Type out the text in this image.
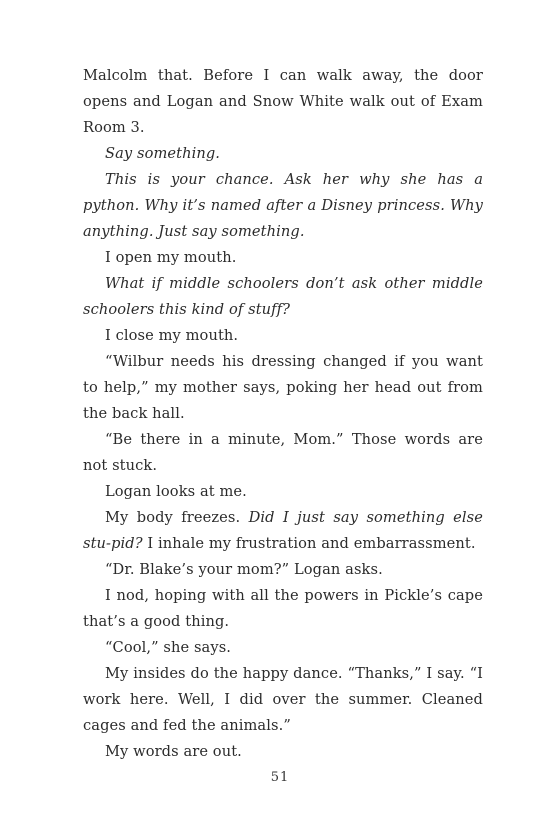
Malcolm that. Before I can walk away, the door opens and Logan and Snow White walk out of Exam Room 3.

Say something.

This is your chance. Ask her why she has a python. Why it’s named after a Disney princess. Why anything. Just say something.

I open my mouth.

What if middle schoolers don’t ask other middle schoolers this kind of stuff?

I close my mouth.

“Wilbur needs his dressing changed if you want to help,” my mother says, poking her head out from the back hall.

“Be there in a minute, Mom.” Those words are not stuck.

Logan looks at me.

My body freezes. Did I just say something else stu-pid? I inhale my frustration and embarrassment.

“Dr. Blake’s your mom?” Logan asks.

I nod, hoping with all the powers in Pickle’s cape that’s a good thing.

“Cool,” she says.

My insides do the happy dance. “Thanks,” I say. “I work here. Well, I did over the summer. Cleaned cages and fed the animals.”

My words are out.

51
